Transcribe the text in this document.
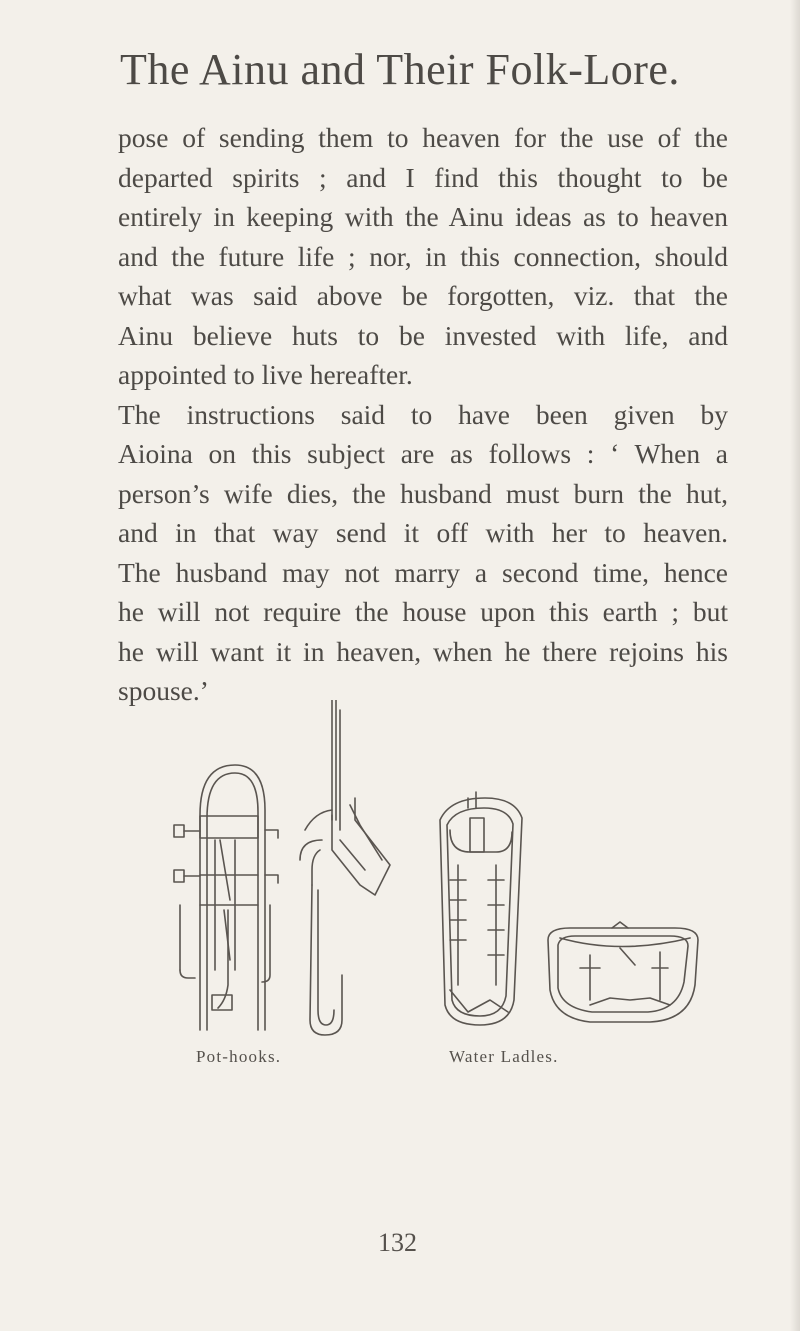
The Ainu and Their Folk-Lore.
pose of sending them to heaven for the use of the
departed spirits ; and I find this thought to be
entirely in keeping with the Ainu ideas as to heaven
and the future life ; nor, in this connection, should
what was said above be forgotten, viz. that the
Ainu believe huts to be invested with life, and
appointed to live hereafter.
The instructions said to have been given by
Aioina on this subject are as follows : ‘ When a
person’s wife dies, the husband must burn the hut,
and in that way send it off with her to heaven.
The husband may not marry a second time, hence
he will not require the house upon this earth ; but
he will want it in heaven, when he there rejoins his
spouse.’
Pot-hooks.	Water Ladles.
132
